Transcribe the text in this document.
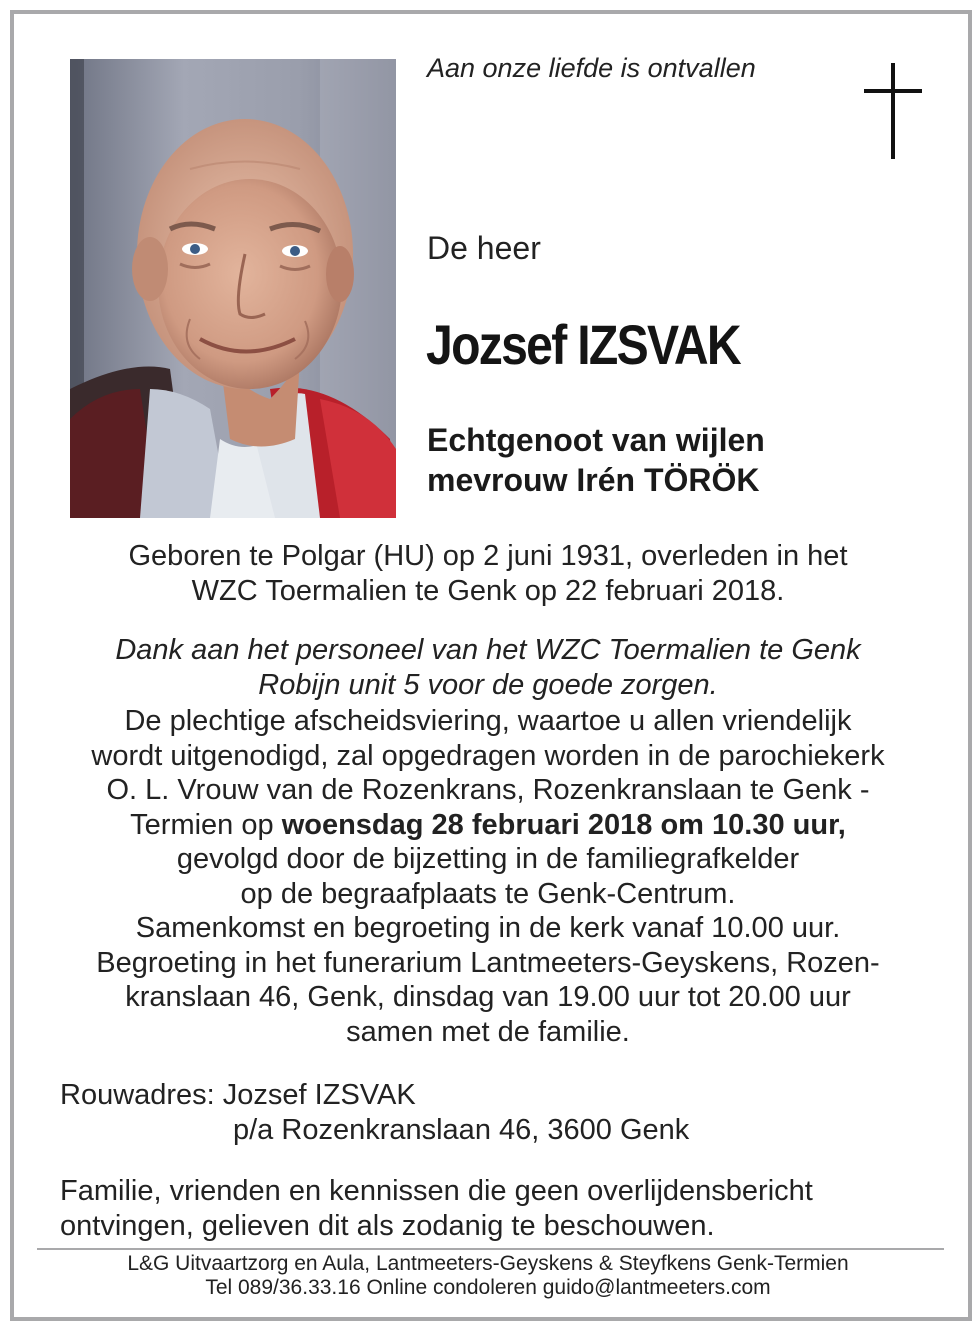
Aan onze liefde is ontvallen
De heer
Jozsef IZSVAK
Echtgenoot van wijlen
mevrouw Irén TÖRÖK
Geboren te Polgar (HU) op 2 juni 1931, overleden in het
WZC Toermalien te Genk op 22 februari 2018.
Dank aan het personeel van het WZC Toermalien te Genk
Robijn unit 5 voor de goede zorgen.
De plechtige afscheidsviering, waartoe u allen vriendelijk
wordt uitgenodigd, zal opgedragen worden in de parochiekerk
O. L. Vrouw van de Rozenkrans, Rozenkranslaan te Genk -
Termien op woensdag 28 februari 2018 om 10.30 uur,
gevolgd door de bijzetting in de familiegrafkelder
op de begraafplaats te Genk-Centrum.
Samenkomst en begroeting in de kerk vanaf 10.00 uur.
Begroeting in het funerarium Lantmeeters-Geyskens, Rozen-
kranslaan 46, Genk, dinsdag van 19.00 uur tot 20.00 uur
samen met de familie.
Rouwadres: Jozsef IZSVAK
p/a Rozenkranslaan 46, 3600 Genk
Familie, vrienden en kennissen die geen overlijdensbericht
ontvingen, gelieven dit als zodanig te beschouwen.
L&G Uitvaartzorg en Aula, Lantmeeters-Geyskens & Steyfkens Genk-Termien
Tel 089/36.33.16 Online condoleren guido@lantmeeters.com
